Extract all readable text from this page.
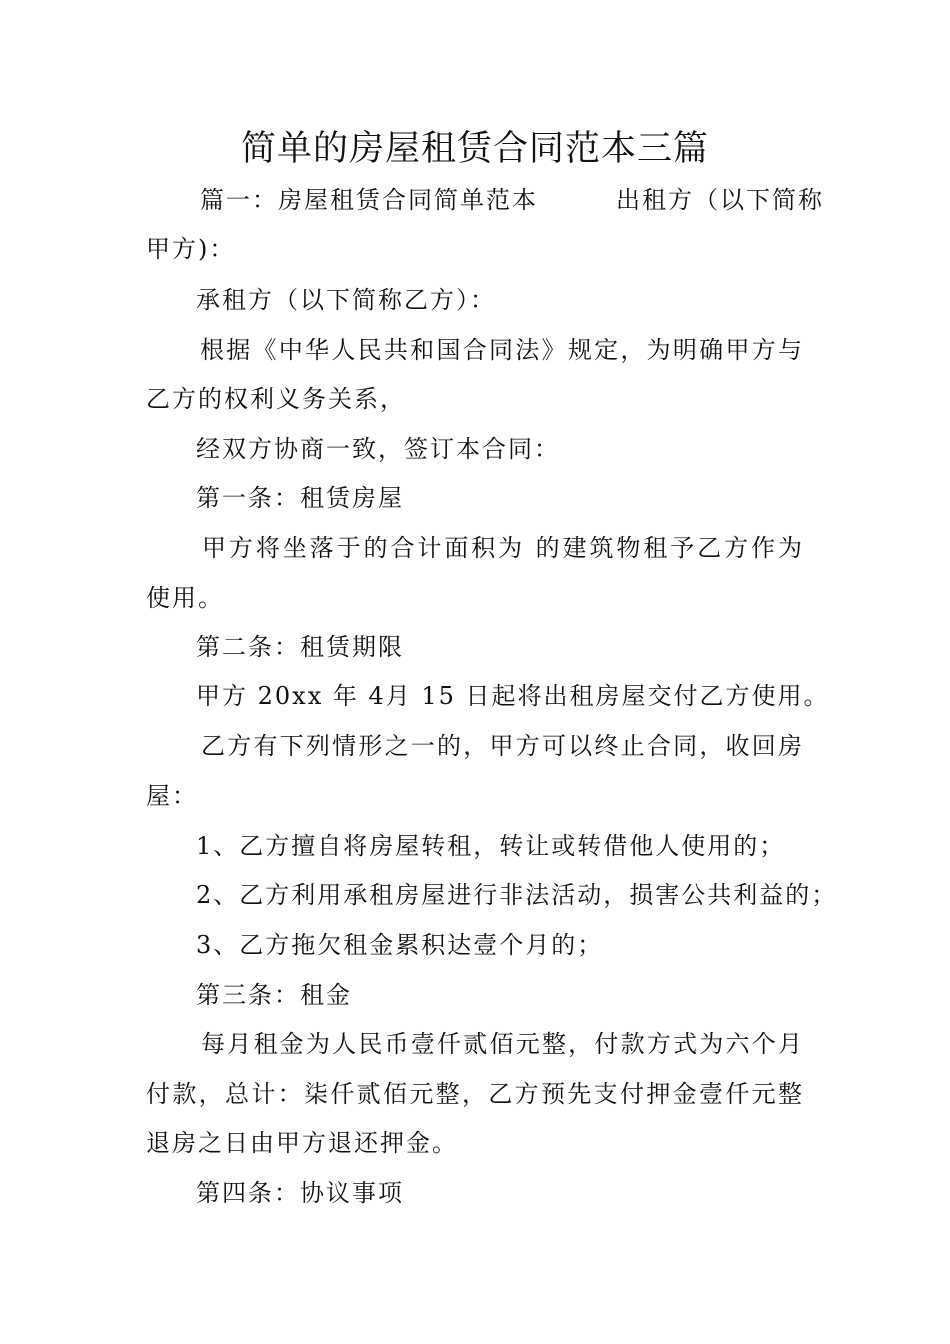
简单的房屋租赁合同范本三篇
篇一：房屋租赁合同简单范本　　　出租方（以下简称
甲方)：
承租方（以下简称乙方）：
根据《中华人民共和国合同法》规定，为明确甲方与
乙方的权利义务关系，
经双方协商一致，签订本合同：
第一条：租赁房屋
甲方将坐落于的合计面积为 的建筑物租予乙方作为
使用。
第二条：租赁期限
甲方 20xx 年 4月 15 日起将出租房屋交付乙方使用。
乙方有下列情形之一的，甲方可以终止合同，收回房
屋：
1、乙方擅自将房屋转租，转让或转借他人使用的；
2、乙方利用承租房屋进行非法活动，损害公共利益的；
3、乙方拖欠租金累积达壹个月的；
第三条：租金
每月租金为人民币壹仟贰佰元整，付款方式为六个月
付款，总计：柒仟贰佰元整，乙方预先支付押金壹仟元整
退房之日由甲方退还押金。
第四条：协议事项
